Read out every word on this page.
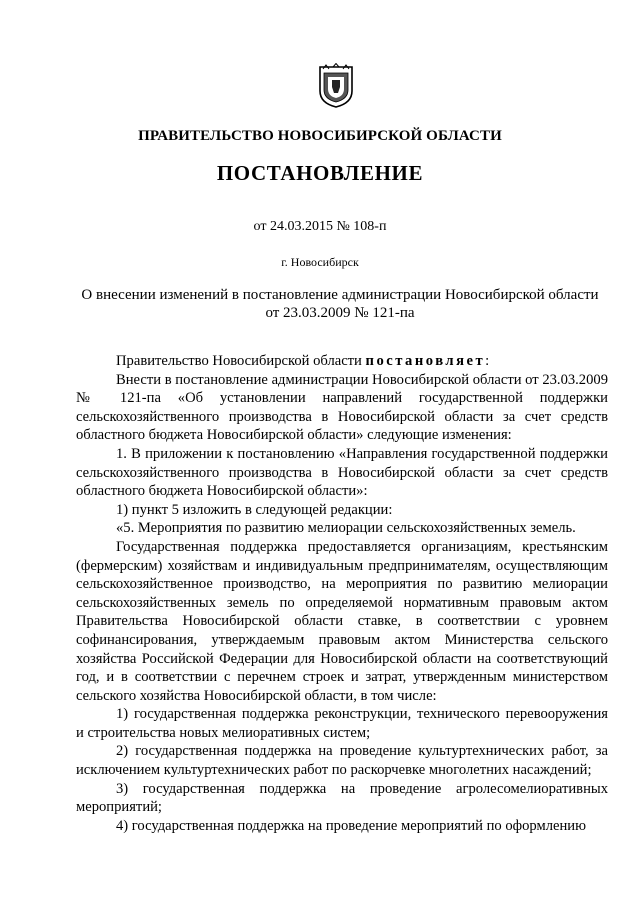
ПРАВИТЕЛЬСТВО НОВОСИБИРСКОЙ ОБЛАСТИ
ПОСТАНОВЛЕНИЕ
от 24.03.2015 № 108-п
г. Новосибирск
О внесении изменений в постановление администрации Новосибирской области
от 23.03.2009 № 121-па

Правительство Новосибирской области постановляет:

Внести в постановление администрации Новосибирской области от 23.03.2009 № 121-па «Об установлении направлений государственной поддержки сельскохозяйственного производства в Новосибирской области за счет средств областного бюджета Новосибирской области» следующие изменения:

1. В приложении к постановлению «Направления государственной поддержки сельскохозяйственного производства в Новосибирской области за счет средств областного бюджета Новосибирской области»:

1) пункт 5 изложить в следующей редакции:

«5. Мероприятия по развитию мелиорации сельскохозяйственных земель.

Государственная поддержка предоставляется организациям, крестьянским (фермерским) хозяйствам и индивидуальным предпринимателям, осуществляющим сельскохозяйственное производство, на мероприятия по развитию мелиорации сельскохозяйственных земель по определяемой нормативным правовым актом Правительства Новосибирской области ставке, в соответствии с уровнем софинансирования, утверждаемым правовым актом Министерства сельского хозяйства Российской Федерации для Новосибирской области на соответствующий год, и в соответствии с перечнем строек и затрат, утвержденным министерством сельского хозяйства Новосибирской области, в том числе:

1) государственная поддержка реконструкции, технического перевооружения и строительства новых мелиоративных систем;

2) государственная поддержка на проведение культуртехнических работ, за исключением культуртехнических работ по раскорчевке многолетних насаждений;

3) государственная поддержка на проведение агролесомелиоративных мероприятий;

4) государственная поддержка на проведение мероприятий по оформлению
